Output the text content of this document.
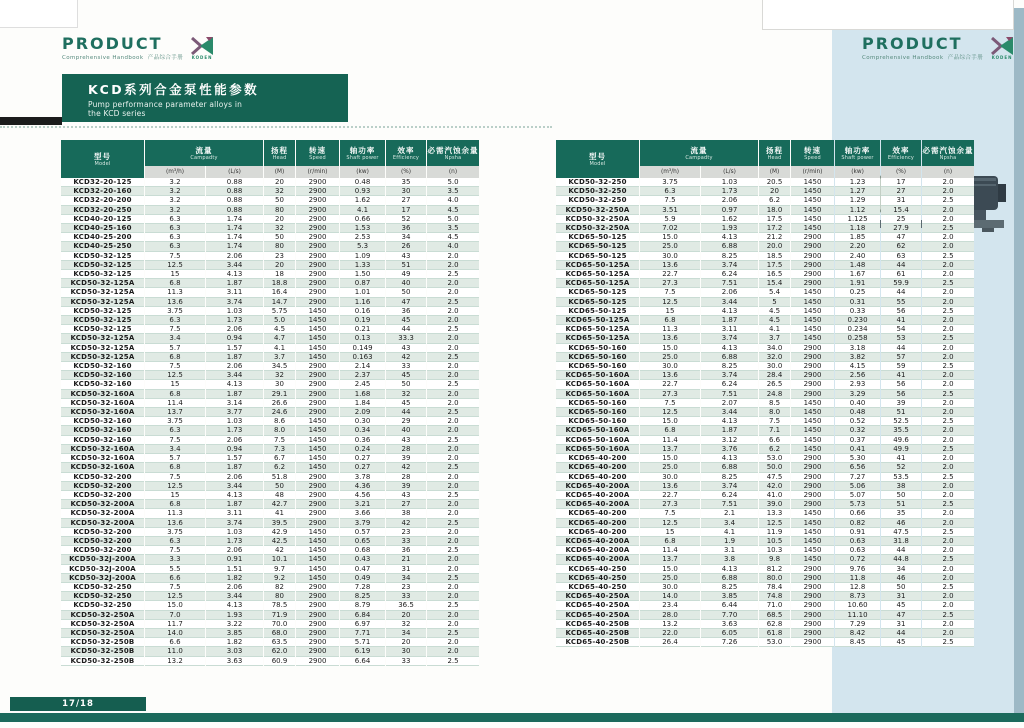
PRODUCT
Comprehensive Handbook 产品综合手册	KODEN
PRODUCT
Comprehensive Handbook 产品综合手册	KODEN
KCD系列合金泵性能参数
Pump performance parameter alloys in
the KCD series
型号
Model	流量
Campadty		扬程
Head	转速
Speed	轴功率
Shaft power	效率
Efficiency	必需汽蚀余量
Npsha

	(m³/h)	(L/s)	(M)	(r/min)	(kw)	(%)	(n)
KCD32-20-125	3.2	0.88	20	2900	0.48	35	5.0
KCD32-20-160	3.2	0.88	32	2900	0.93	30	3.5
KCD32-20-200	3.2	0.88	50	2900	1.62	27	4.0
KCD32-20-250	3.2	0.88	80	2900	4.1	17	4.5
KCD40-20-125	6.3	1.74	20	2900	0.66	52	5.0
KCD40-25-160	6.3	1.74	32	2900	1.53	36	3.5
KCD40-25-200	6.3	1.74	50	2900	2.53	34	4.5
KCD40-25-250	6.3	1.74	80	2900	5.3	26	4.0
KCD50-32-125	7.5	2.06	23	2900	1.09	43	2.0
KCD50-32-125	12.5	3.44	20	2900	1.33	51	2.0
KCD50-32-125	15	4.13	18	2900	1.50	49	2.5
KCD50-32-125A	6.8	1.87	18.8	2900	0.87	40	2.0
KCD50-32-125A	11.3	3.11	16.4	2900	1.01	50	2.0
KCD50-32-125A	13.6	3.74	14.7	2900	1.16	47	2.5
KCD50-32-125	3.75	1.03	5.75	1450	0.16	36	2.0
KCD50-32-125	6.3	1.73	5.0	1450	0.19	45	2.0
KCD50-32-125	7.5	2.06	4.5	1450	0.21	44	2.5
KCD50-32-125A	3.4	0.94	4.7	1450	0.13	33.3	2.0
KCD50-32-125A	5.7	1.57	4.1	1450	0.149	43	2.0
KCD50-32-125A	6.8	1.87	3.7	1450	0.163	42	2.5
KCD50-32-160	7.5	2.06	34.5	2900	2.14	33	2.0
KCD50-32-160	12.5	3.44	32	2900	2.37	45	2.0
KCD50-32-160	15	4.13	30	2900	2.45	50	2.5
KCD50-32-160A	6.8	1.87	29.1	2900	1.68	32	2.0
KCD50-32-160A	11.4	3.14	26.6	2900	1.84	45	2.0
KCD50-32-160A	13.7	3.77	24.6	2900	2.09	44	2.5
KCD50-32-160	3.75	1.03	8.6	1450	0.30	29	2.0
KCD50-32-160	6.3	1.73	8.0	1450	0.34	40	2.0
KCD50-32-160	7.5	2.06	7.5	1450	0.36	43	2.5
KCD50-32-160A	3.4	0.94	7.3	1450	0.24	28	2.0
KCD50-32-160A	5.7	1.57	6.7	1450	0.27	39	2.0
KCD50-32-160A	6.8	1.87	6.2	1450	0.27	42	2.5
KCD50-32-200	7.5	2.06	51.8	2900	3.78	28	2.0
KCD50-32-200	12.5	3.44	50	2900	4.36	39	2.0
KCD50-32-200	15	4.13	48	2900	4.56	43	2.5
KCD50-32-200A	6.8	1.87	42.7	2900	3.21	27	2.0
KCD50-32-200A	11.3	3.11	41	2900	3.66	38	2.0
KCD50-32-200A	13.6	3.74	39.5	2900	3.79	42	2.5
KCD50-32-200	3.75	1.03	42.9	1450	0.57	23	2.0
KCD50-32-200	6.3	1.73	42.5	1450	0.65	33	2.0
KCD50-32-200	7.5	2.06	42	1450	0.68	36	2.5
KCD50-32J-200A	3.3	0.91	10.1	1450	0.43	21	2.0
KCD50-32J-200A	5.5	1.51	9.7	1450	0.47	31	2.0
KCD50-32J-200A	6.6	1.82	9.2	1450	0.49	34	2.5
KCD50-32-250	7.5	2.06	82	2900	7.28	23	2.0
KCD50-32-250	12.5	3.44	80	2900	8.25	33	2.0
KCD50-32-250	15.0	4.13	78.5	2900	8.79	36.5	2.5
KCD50-32-250A	7.0	1.93	71.9	2900	6.84	20	2.0
KCD50-32-250A	11.7	3.22	70.0	2900	6.97	32	2.0
KCD50-32-250A	14.0	3.85	68.0	2900	7.71	34	2.5
KCD50-32-250B	6.6	1.82	63.5	2900	5.71	20	2.0
KCD50-32-250B	11.0	3.03	62.0	2900	6.19	30	2.0
KCD50-32-250B	13.2	3.63	60.9	2900	6.64	33	2.5
型号
Model	流量
Campadty		扬程
Head	转速
Speed	轴功率
Shaft power	效率
Efficiency	必需汽蚀余量
Npsha

	(m³/h)	(L/s)	(M)	(r/min)	(kw)	(%)	(n)
KCD50-32-250	3.75	1.03	20.5	1450	1.23	17	2.0
KCD50-32-250	6.3	1.73	20	1450	1.27	27	2.0
KCD50-32-250	7.5	2.06	6.2	1450	1.29	31	2.5
KCD50-32-250A	3.51	0.97	18.0	1450	1.12	15.4	2.0
KCD50-32-250A	5.9	1.62	17.5	1450	1.125	25	2.0
KCD50-32-250A	7.02	1.93	17.2	1450	1.18	27.9	2.5
KCD65-50-125	15.0	4.13	21.2	2900	1.85	47	2.0
KCD65-50-125	25.0	6.88	20.0	2900	2.20	62	2.0
KCD65-50-125	30.0	8.25	18.5	2900	2.40	63	2.5
KCD65-50-125A	13.6	3.74	17.5	2900	1.48	44	2.0
KCD65-50-125A	22.7	6.24	16.5	2900	1.67	61	2.0
KCD65-50-125A	27.3	7.51	15.4	2900	1.91	59.9	2.5
KCD65-50-125	7.5	2.06	5.4	1450	0.25	44	2.0
KCD65-50-125	12.5	3.44	5	1450	0.31	55	2.0
KCD65-50-125	15	4.13	4.5	1450	0.33	56	2.5
KCD65-50-125A	6.8	1.87	4.5	1450	0.230	41	2.0
KCD65-50-125A	11.3	3.11	4.1	1450	0.234	54	2.0
KCD65-50-125A	13.6	3.74	3.7	1450	0.258	53	2.5
KCD65-50-160	15.0	4.13	34.0	2900	3.18	44	2.0
KCD65-50-160	25.0	6.88	32.0	2900	3.82	57	2.0
KCD65-50-160	30.0	8.25	30.0	2900	4.15	59	2.5
KCD65-50-160A	13.6	3.74	28.4	2900	2.56	41	2.0
KCD65-50-160A	22.7	6.24	26.5	2900	2.93	56	2.0
KCD65-50-160A	27.3	7.51	24.8	2900	3.29	56	2.5
KCD65-50-160	7.5	2.07	8.5	1450	0.40	39	2.0
KCD65-50-160	12.5	3.44	8.0	1450	0.48	51	2.0
KCD65-50-160	15.0	4.13	7.5	1450	0.52	52.5	2.5
KCD65-50-160A	6.8	1.87	7.1	1450	0.32	35.5	2.0
KCD65-50-160A	11.4	3.12	6.6	1450	0.37	49.6	2.0
KCD65-50-160A	13.7	3.76	6.2	1450	0.41	49.9	2.5
KCD65-40-200	15.0	4.13	53.0	2900	5.30	41	2.0
KCD65-40-200	25.0	6.88	50.0	2900	6.56	52	2.0
KCD65-40-200	30.0	8.25	47.5	2900	7.27	53.5	2.5
KCD65-40-200A	13.6	3.74	42.0	2900	5.06	38	2.0
KCD65-40-200A	22.7	6.24	41.0	2900	5.07	50	2.0
KCD65-40-200A	27.3	7.51	39.0	2900	5.73	51	2.5
KCD65-40-200	7.5	2.1	13.3	1450	0.66	35	2.0
KCD65-40-200	12.5	3.4	12.5	1450	0.82	46	2.0
KCD65-40-200	15	4.1	11.9	1450	0.91	47.5	2.5
KCD65-40-200A	6.8	1.9	10.5	1450	0.63	31.8	2.0
KCD65-40-200A	11.4	3.1	10.3	1450	0.63	44	2.0
KCD65-40-200A	13.7	3.8	9.8	1450	0.72	44.8	2.5
KCD65-40-250	15.0	4.13	81.2	2900	9.76	34	2.0
KCD65-40-250	25.0	6.88	80.0	2900	11.8	46	2.0
KCD65-40-250	30.0	8.25	78.4	2900	12.8	50	2.5
KCD65-40-250A	14.0	3.85	74.8	2900	8.73	31	2.0
KCD65-40-250A	23.4	6.44	71.0	2900	10.60	45	2.0
KCD65-40-250A	28.0	7.70	68.5	2900	11.10	47	2.5
KCD65-40-250B	13.2	3.63	62.8	2900	7.29	31	2.0
KCD65-40-250B	22.0	6.05	61.8	2900	8.42	44	2.0
KCD65-40-250B	26.4	7.26	53.0	2900	8.45	45	2.5
17/18
